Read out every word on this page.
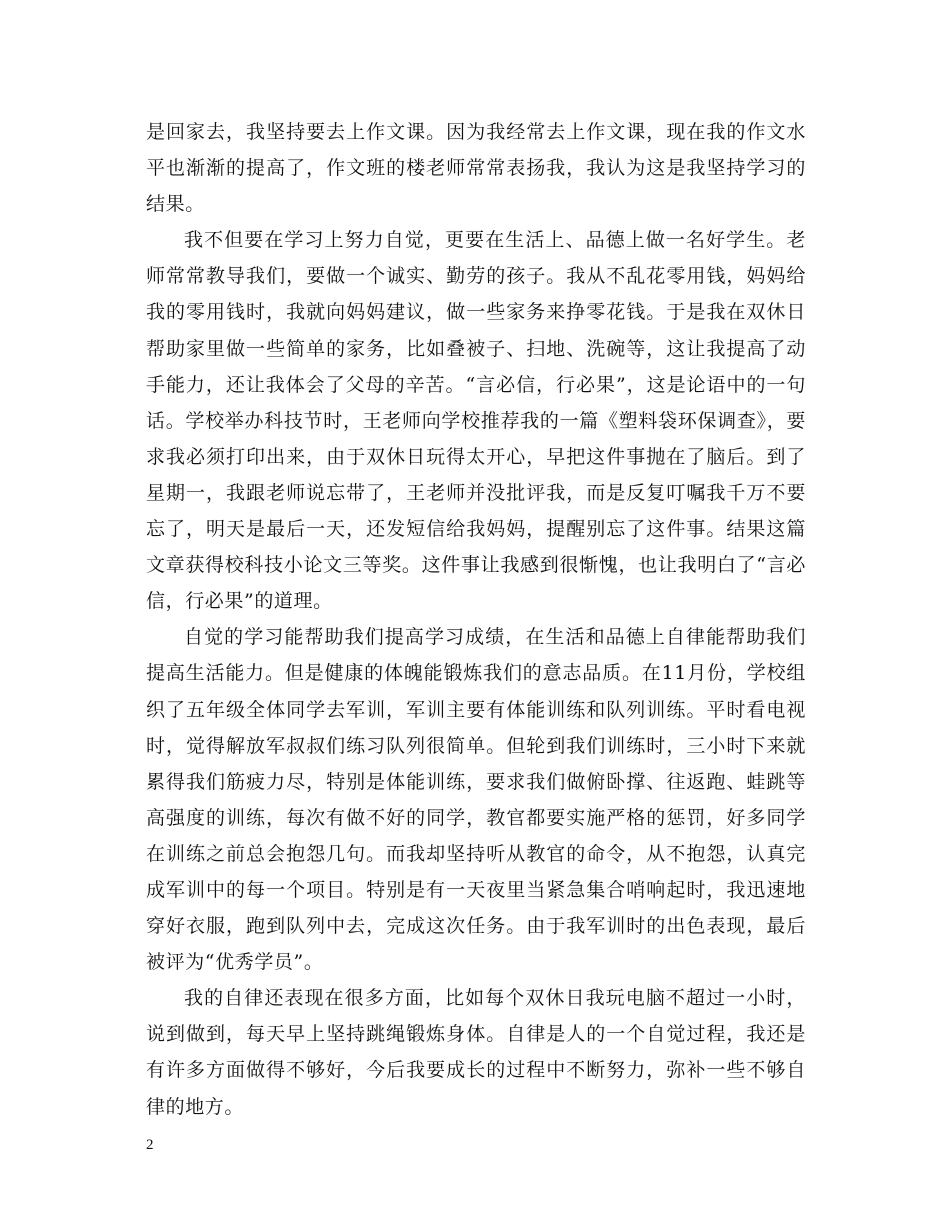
是回家去，我坚持要去上作文课。因为我经常去上作文课，现在我的作文水平也渐渐的提高了，作文班的楼老师常常表扬我，我认为这是我坚持学习的结果。

我不但要在学习上努力自觉，更要在生活上、品德上做一名好学生。老师常常教导我们，要做一个诚实、勤劳的孩子。我从不乱花零用钱，妈妈给我的零用钱时，我就向妈妈建议，做一些家务来挣零花钱。于是我在双休日帮助家里做一些简单的家务，比如叠被子、扫地、洗碗等，这让我提高了动手能力，还让我体会了父母的辛苦。“言必信，行必果”，这是论语中的一句话。学校举办科技节时，王老师向学校推荐我的一篇《塑料袋环保调查》，要求我必须打印出来，由于双休日玩得太开心，早把这件事抛在了脑后。到了星期一，我跟老师说忘带了，王老师并没批评我，而是反复叮嘱我千万不要忘了，明天是最后一天，还发短信给我妈妈，提醒别忘了这件事。结果这篇文章获得校科技小论文三等奖。这件事让我感到很惭愧，也让我明白了“言必信，行必果”的道理。

自觉的学习能帮助我们提高学习成绩，在生活和品德上自律能帮助我们提高生活能力。但是健康的体魄能锻炼我们的意志品质。在11月份，学校组织了五年级全体同学去军训，军训主要有体能训练和队列训练。平时看电视时，觉得解放军叔叔们练习队列很简单。但轮到我们训练时，三小时下来就累得我们筋疲力尽，特别是体能训练，要求我们做俯卧撑、往返跑、蛙跳等高强度的训练，每次有做不好的同学，教官都要实施严格的惩罚，好多同学在训练之前总会抱怨几句。而我却坚持听从教官的命令，从不抱怨，认真完成军训中的每一个项目。特别是有一天夜里当紧急集合哨响起时，我迅速地穿好衣服，跑到队列中去，完成这次任务。由于我军训时的出色表现，最后被评为“优秀学员”。

我的自律还表现在很多方面，比如每个双休日我玩电脑不超过一小时，说到做到，每天早上坚持跳绳锻炼身体。自律是人的一个自觉过程，我还是有许多方面做得不够好，今后我要成长的过程中不断努力，弥补一些不够自律的地方。

2
